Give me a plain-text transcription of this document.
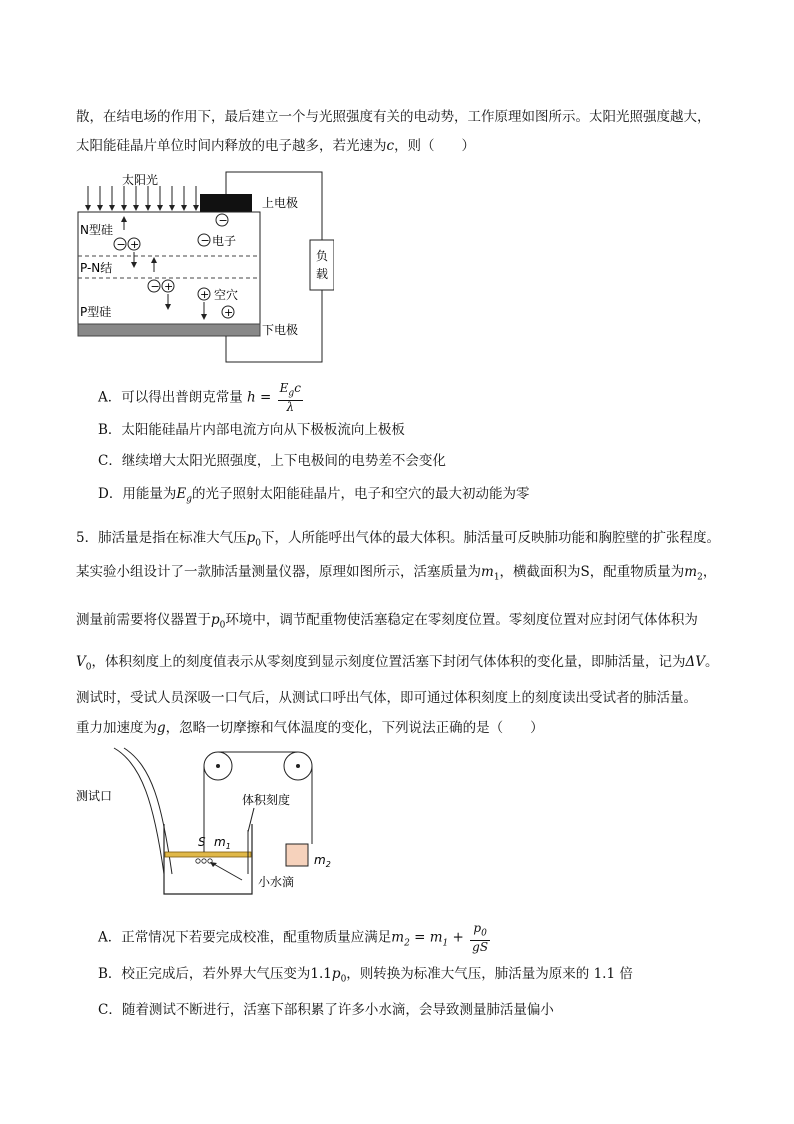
散，在结电场的作用下，最后建立一个与光照强度有关的电动势，工作原理如图所示。太阳光照强度越大，
太阳能硅晶片单位时间内释放的电子越多，若光速为c，则（　　）
太阳光
上电极
N型硅
P-N结
P型硅
下电极
负
载
−
− 电子
− +
− +
+ 空穴
+
A．可以得出普朗克常量 $h = \frac{E_gc}{\lambda}$
B．太阳能硅晶片内部电流方向从下极板流向上极板
C．继续增大太阳光照强度，上下电极间的电势差不会变化
D．用能量为$E_g$的光子照射太阳能硅晶片，电子和空穴的最大初动能为零
5．肺活量是指在标准大气压$p_0$下，人所能呼出气体的最大体积。肺活量可反映肺功能和胸腔壁的扩张程度。
某实验小组设计了一款肺活量测量仪器，原理如图所示，活塞质量为$m_1$，横截面积为S，配重物质量为$m_2$，
测量前需要将仪器置于$p_0$环境中，调节配重物使活塞稳定在零刻度位置。零刻度位置对应封闭气体体积为
$V_0$，体积刻度上的刻度值表示从零刻度到显示刻度位置活塞下封闭气体体积的变化量，即肺活量，记为ΔV。
测试时，受试人员深吸一口气后，从测试口呼出气体，即可通过体积刻度上的刻度读出受试者的肺活量。
重力加速度为g，忽略一切摩擦和气体温度的变化，下列说法正确的是（　　）
测试口
小水滴
S $m_1$
体积刻度
$m_2$
A．正常情况下若要完成校准，配重物质量应满足$m_2 = m_1 + \frac{p_0}{gS}$
B．校正完成后，若外界大气压变为$1.1p_0$，则转换为标准大气压，肺活量为原来的 1.1 倍
C．随着测试不断进行，活塞下部积累了许多小水滴，会导致测量肺活量偏小
